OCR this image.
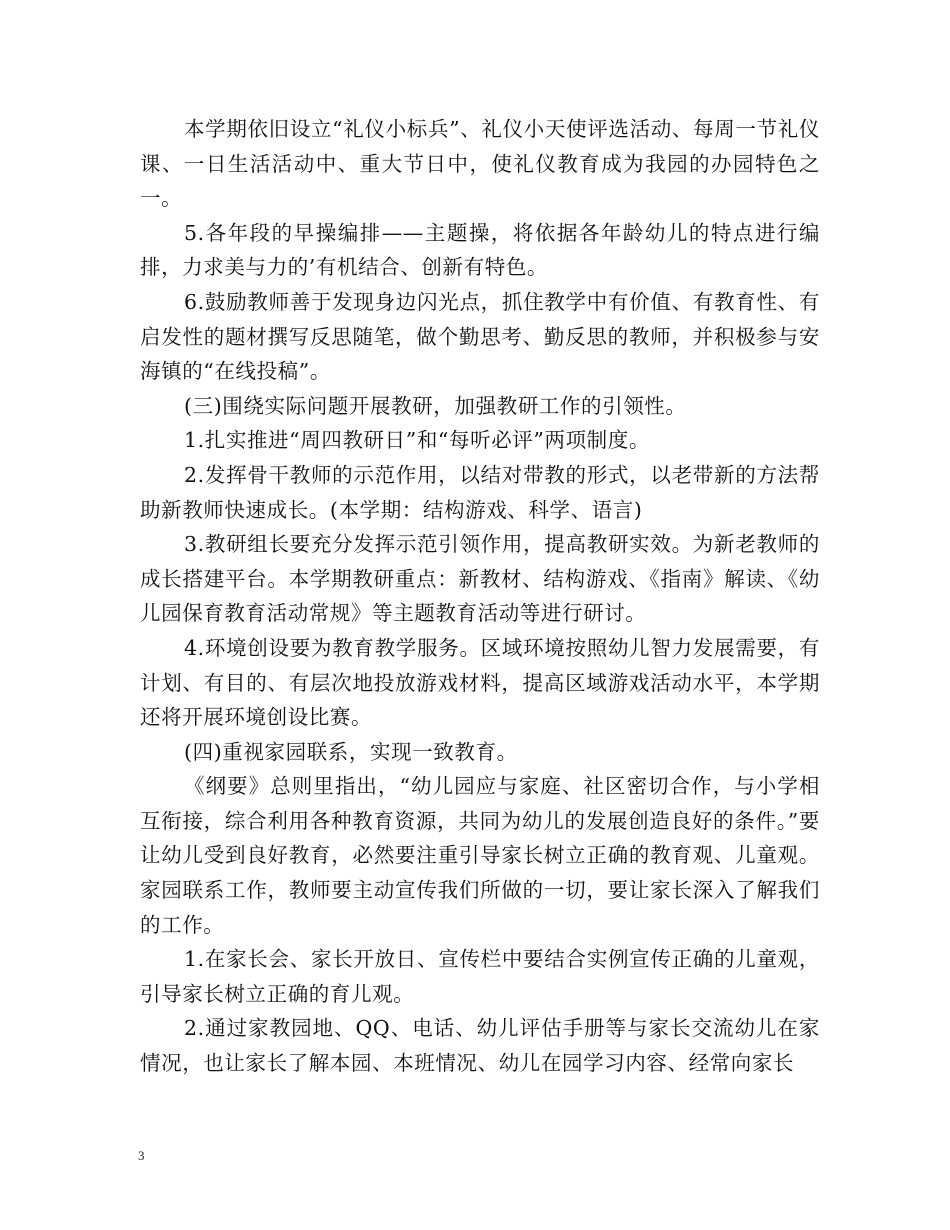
本学期依旧设立“礼仪小标兵”、礼仪小天使评选活动、每周一节礼仪课、一日生活活动中、重大节日中，使礼仪教育成为我园的办园特色之一。

5.各年段的早操编排——主题操，将依据各年龄幼儿的特点进行编排，力求美与力的’有机结合、创新有特色。

6.鼓励教师善于发现身边闪光点，抓住教学中有价值、有教育性、有启发性的题材撰写反思随笔，做个勤思考、勤反思的教师，并积极参与安海镇的“在线投稿”。

(三)围绕实际问题开展教研，加强教研工作的引领性。

1.扎实推进“周四教研日”和“每听必评”两项制度。

2.发挥骨干教师的示范作用，以结对带教的形式，以老带新的方法帮助新教师快速成长。(本学期：结构游戏、科学、语言)

3.教研组长要充分发挥示范引领作用，提高教研实效。为新老教师的成长搭建平台。本学期教研重点：新教材、结构游戏、《指南》解读、《幼儿园保育教育活动常规》等主题教育活动等进行研讨。

4.环境创设要为教育教学服务。区域环境按照幼儿智力发展需要，有计划、有目的、有层次地投放游戏材料，提高区域游戏活动水平，本学期还将开展环境创设比赛。

(四)重视家园联系，实现一致教育。

《纲要》总则里指出，“幼儿园应与家庭、社区密切合作，与小学相互衔接，综合利用各种教育资源，共同为幼儿的发展创造良好的条件。”要让幼儿受到良好教育，必然要注重引导家长树立正确的教育观、儿童观。家园联系工作，教师要主动宣传我们所做的一切，要让家长深入了解我们的工作。

1.在家长会、家长开放日、宣传栏中要结合实例宣传正确的儿童观，引导家长树立正确的育儿观。

2.通过家教园地、QQ、电话、幼儿评估手册等与家长交流幼儿在家情况，也让家长了解本园、本班情况、幼儿在园学习内容、经常向家长

3
